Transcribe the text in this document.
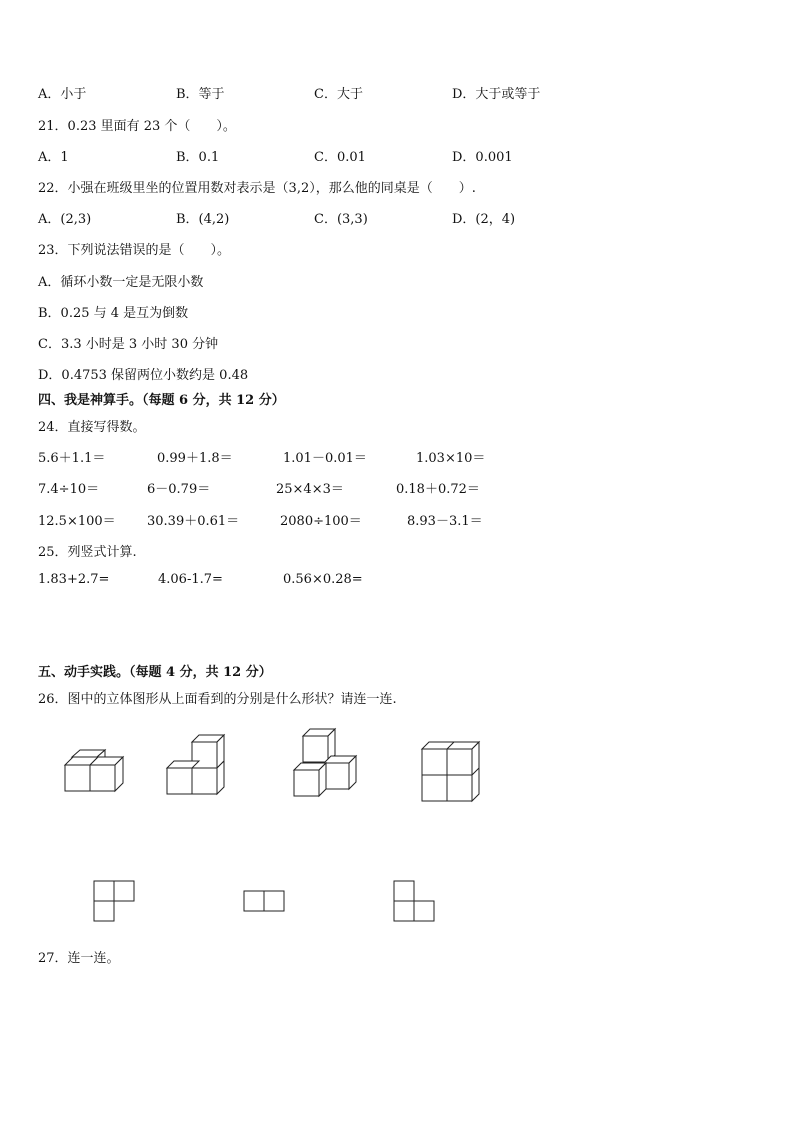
A．小于	B．等于	C．大于	D．大于或等于
21．0.23 里面有 23 个（　　）。
A．1	B．0.1	C．0.01	D．0.001
22．小强在班级里坐的位置用数对表示是（3,2），那么他的同桌是（　　）.
A．(2,3)	B．(4,2)	C．(3,3)	D．(2，4)
23．下列说法错误的是（　　）。
A．循环小数一定是无限小数
B．0.25 与 4 是互为倒数
C．3.3 小时是 3 小时 30 分钟
D．0.4753 保留两位小数约是 0.48
四、我是神算手。（每题 6 分，共 12 分）
24．直接写得数。
5.6＋1.1＝	0.99＋1.8＝	1.01－0.01＝	1.03×10＝
7.4÷10＝	6－0.79＝	25×4×3＝	0.18＋0.72＝
12.5×100＝ 30.39＋0.61＝	2080÷100＝	8.93－3.1＝
25．列竖式计算.
1.83+2.7=	4.06-1.7=	0.56×0.28=
五、动手实践。（每题 4 分，共 12 分）
26．图中的立体图形从上面看到的分别是什么形状？请连一连.
27．连一连。
